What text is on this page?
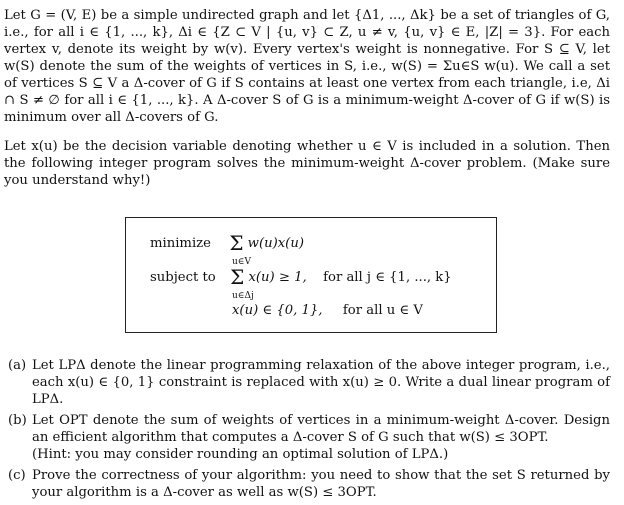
Let G = (V, E) be a simple undirected graph and let {Δ1, ..., Δk} be a set of triangles of G, i.e., for all i ∈ {1, ..., k}, Δi ∈ {Z ⊂ V | {u, v} ⊂ Z, u ≠ v, {u, v} ∈ E, |Z| = 3}. For each vertex v, denote its weight by w(v). Every vertex's weight is nonnegative. For S ⊆ V, let w(S) denote the sum of the weights of vertices in S, i.e., w(S) = Σu∈S w(u). We call a set of vertices S ⊆ V a Δ-cover of G if S contains at least one vertex from each triangle, i.e, Δi ∩ S ≠ ∅ for all i ∈ {1, ..., k}. A Δ-cover S of G is a minimum-weight Δ-cover of G if w(S) is minimum over all Δ-covers of G.
Let x(u) be the decision variable denoting whether u ∈ V is included in a solution. Then the following integer program solves the minimum-weight Δ-cover problem. (Make sure you understand why!)
minimize Σ w(u)x(u)
u∈V
subject to Σ x(u) ≥ 1, for all j ∈ {1, ..., k}
u∈Δj
x(u) ∈ {0, 1}, for all u ∈ V
(a) Let LPΔ denote the linear programming relaxation of the above integer program, i.e., each x(u) ∈ {0, 1} constraint is replaced with x(u) ≥ 0. Write a dual linear program of LPΔ.
(b) Let OPT denote the sum of weights of vertices in a minimum-weight Δ-cover. Design an efficient algorithm that computes a Δ-cover S of G such that w(S) ≤ 3OPT.
(Hint: you may consider rounding an optimal solution of LPΔ.)
(c) Prove the correctness of your algorithm: you need to show that the set S returned by your algorithm is a Δ-cover as well as w(S) ≤ 3OPT.
